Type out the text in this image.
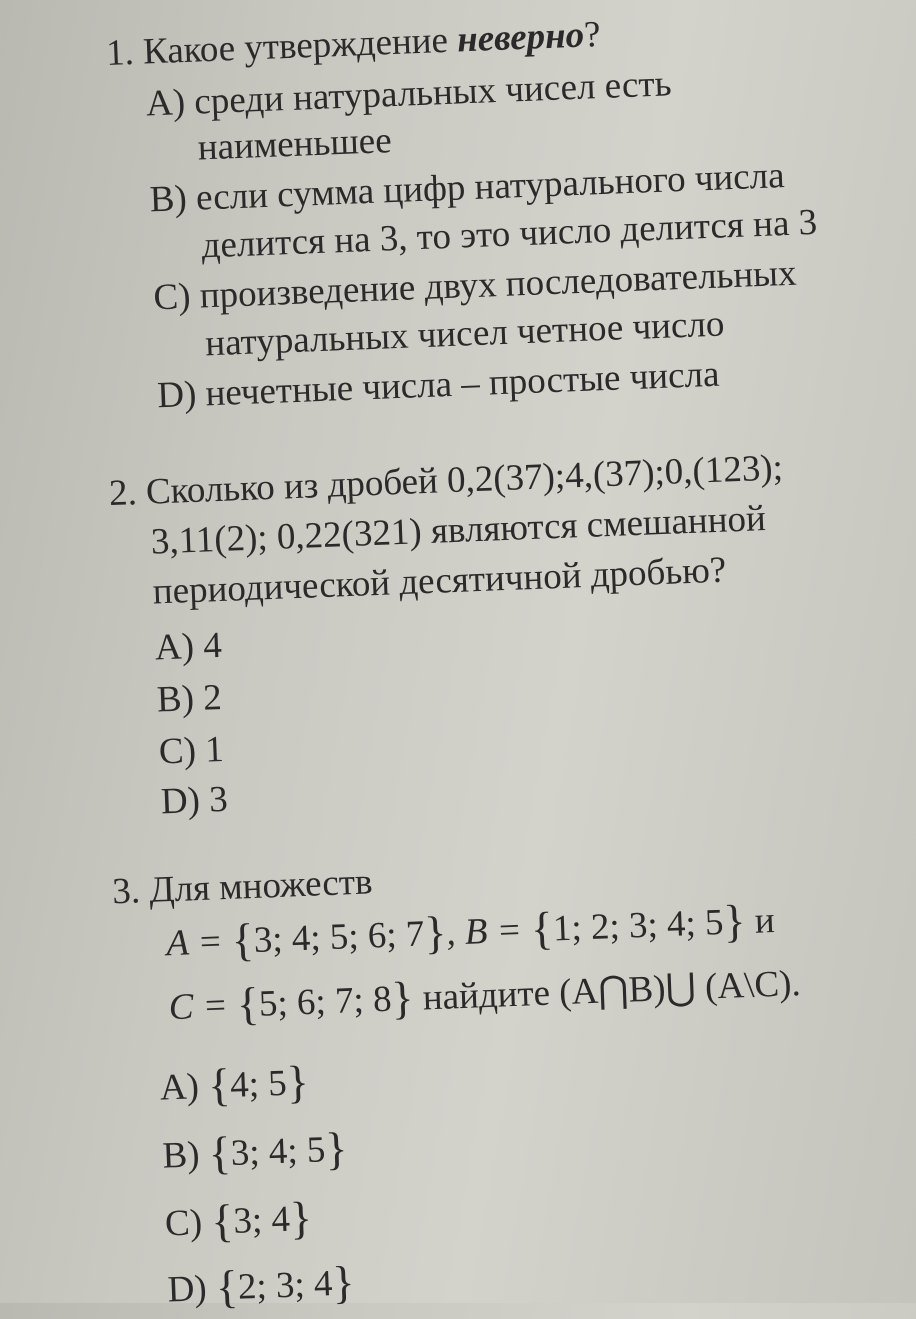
1. Какое утверждение неверно?
A) среди натуральных чисел есть
наименьшее
B) если сумма цифр натурального числа
делится на 3, то это число делится на 3
C) произведение двух последовательных
натуральных чисел четное число
D) нечетные числа – простые числа
2. Сколько из дробей 0,2(37);4,(37);0,(123);
3,11(2); 0,22(321) являются смешанной
периодической десятичной дробью?
A) 4
B) 2
C) 1
D) 3
3. Для множеств
A = {3; 4; 5; 6; 7}, B = {1; 2; 3; 4; 5} и
C = {5; 6; 7; 8} найдите (A⋂B)⋃ (A\C).
A) {4; 5}
B) {3; 4; 5}
C) {3; 4}
D) {2; 3; 4}
